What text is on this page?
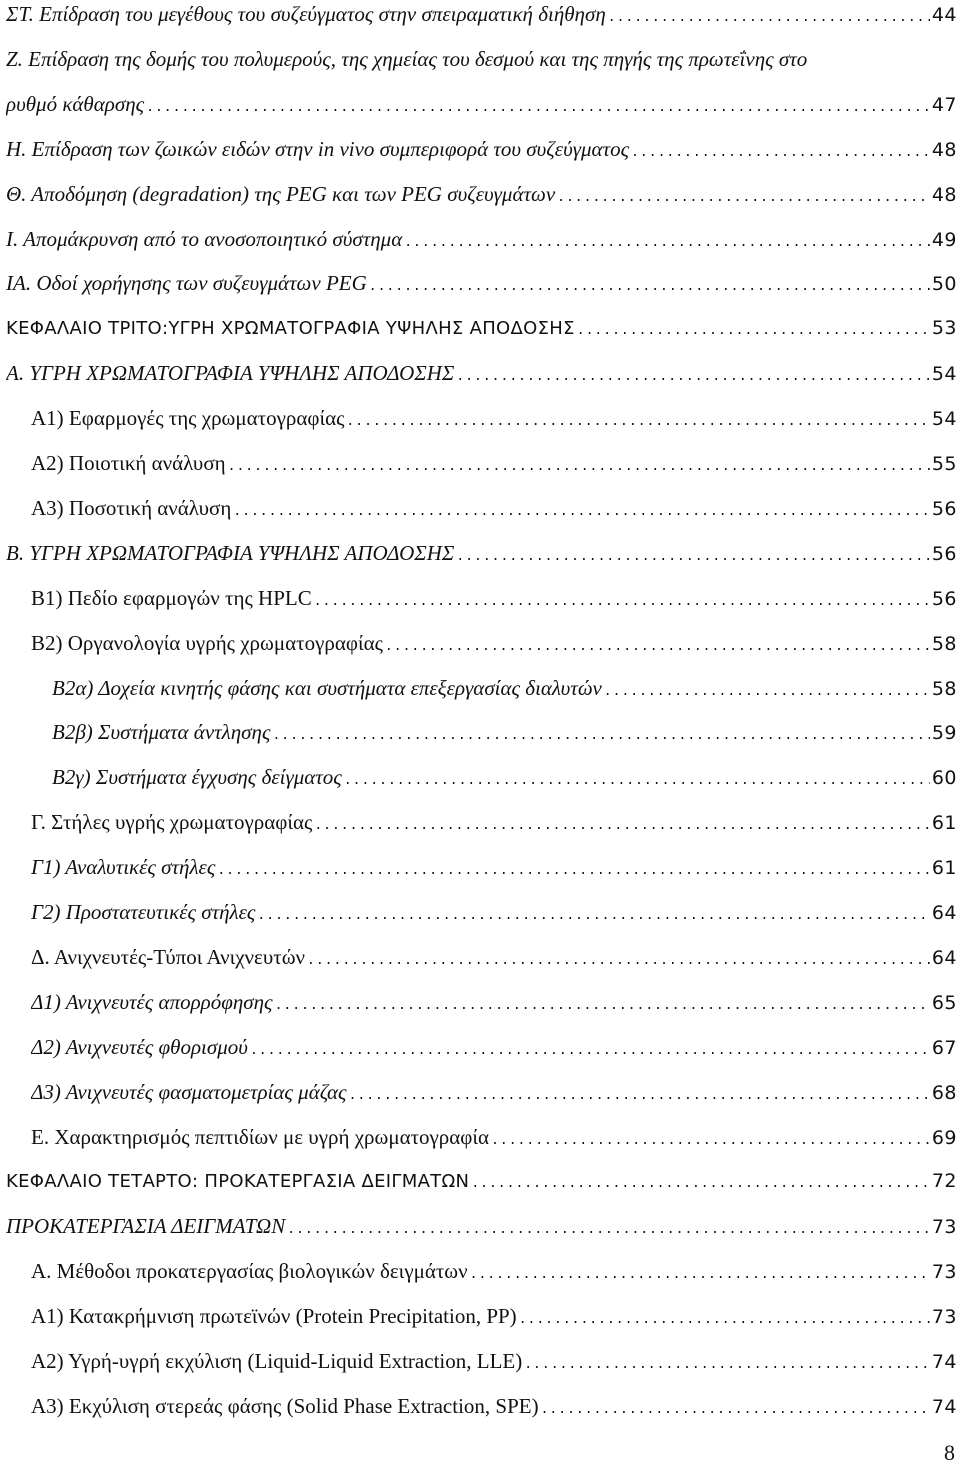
ΣΤ. Επίδραση του μεγέθους του συζεύγματος στην σπειραματική διήθηση .....	44
Ζ. Επίδραση της δομής του πολυμερούς, της χημείας του δεσμού και της πηγής της πρωτεΐνης στο
ρυθμό κάθαρσης .....	47
Η. Επίδραση των ζωικών ειδών στην in vivo συμπεριφορά του συζεύγματος .....	48
Θ. Αποδόμηση (degradation) της PEG και των PEG συζευγμάτων .....	48
Ι. Απομάκρυνση από το ανοσοποιητικό σύστημα .....	49
ΙΑ. Οδοί χορήγησης των συζευγμάτων PEG .....	50
ΚΕΦΑΛΑΙΟ ΤΡΙΤΟ:ΥΓΡΗ ΧΡΩΜΑΤΟΓΡΑΦΙΑ ΥΨΗΛΗΣ ΑΠΟΔΟΣΗΣ .....	53
Α. ΥΓΡΗ ΧΡΩΜΑΤΟΓΡΑΦΙΑ ΥΨΗΛΗΣ ΑΠΟΔΟΣΗΣ .....	54
Α1) Εφαρμογές της χρωματογραφίας .....	54
Α2) Ποιοτική ανάλυση .....	55
Α3) Ποσοτική ανάλυση .....	56
Β. ΥΓΡΗ ΧΡΩΜΑΤΟΓΡΑΦΙΑ ΥΨΗΛΗΣ ΑΠΟΔΟΣΗΣ .....	56
Β1) Πεδίο εφαρμογών της HPLC .....	56
Β2) Οργανολογία υγρής χρωματογραφίας .....	58
Β2α) Δοχεία κινητής φάσης και συστήματα επεξεργασίας διαλυτών .....	58
Β2β) Συστήματα άντλησης .....	59
Β2γ) Συστήματα έγχυσης δείγματος .....	60
Γ. Στήλες υγρής χρωματογραφίας .....	61
Γ1) Αναλυτικές στήλες .....	61
Γ2) Προστατευτικές στήλες .....	64
Δ. Ανιχνευτές-Τύποι Ανιχνευτών .....	64
Δ1) Ανιχνευτές απορρόφησης .....	65
Δ2) Ανιχνευτές φθορισμού .....	67
Δ3) Ανιχνευτές φασματομετρίας μάζας .....	68
Ε. Χαρακτηρισμός πεπτιδίων με υγρή χρωματογραφία .....	69
ΚΕΦΑΛΑΙΟ ΤΕΤΑΡΤΟ: ΠΡΟΚΑΤΕΡΓΑΣΙΑ ΔΕΙΓΜΑΤΩΝ .....	72
ΠΡΟΚΑΤΕΡΓΑΣΙΑ ΔΕΙΓΜΑΤΩΝ .....	73
Α. Μέθοδοι προκατεργασίας βιολογικών δειγμάτων .....	73
Α1) Κατακρήμνιση πρωτεϊνών (Protein Precipitation, PP) .....	73
Α2) Υγρή-υγρή εκχύλιση (Liquid-Liquid Extraction, LLE) .....	74
Α3) Εκχύλιση στερεάς φάσης (Solid Phase Extraction, SPE) .....	74
8
